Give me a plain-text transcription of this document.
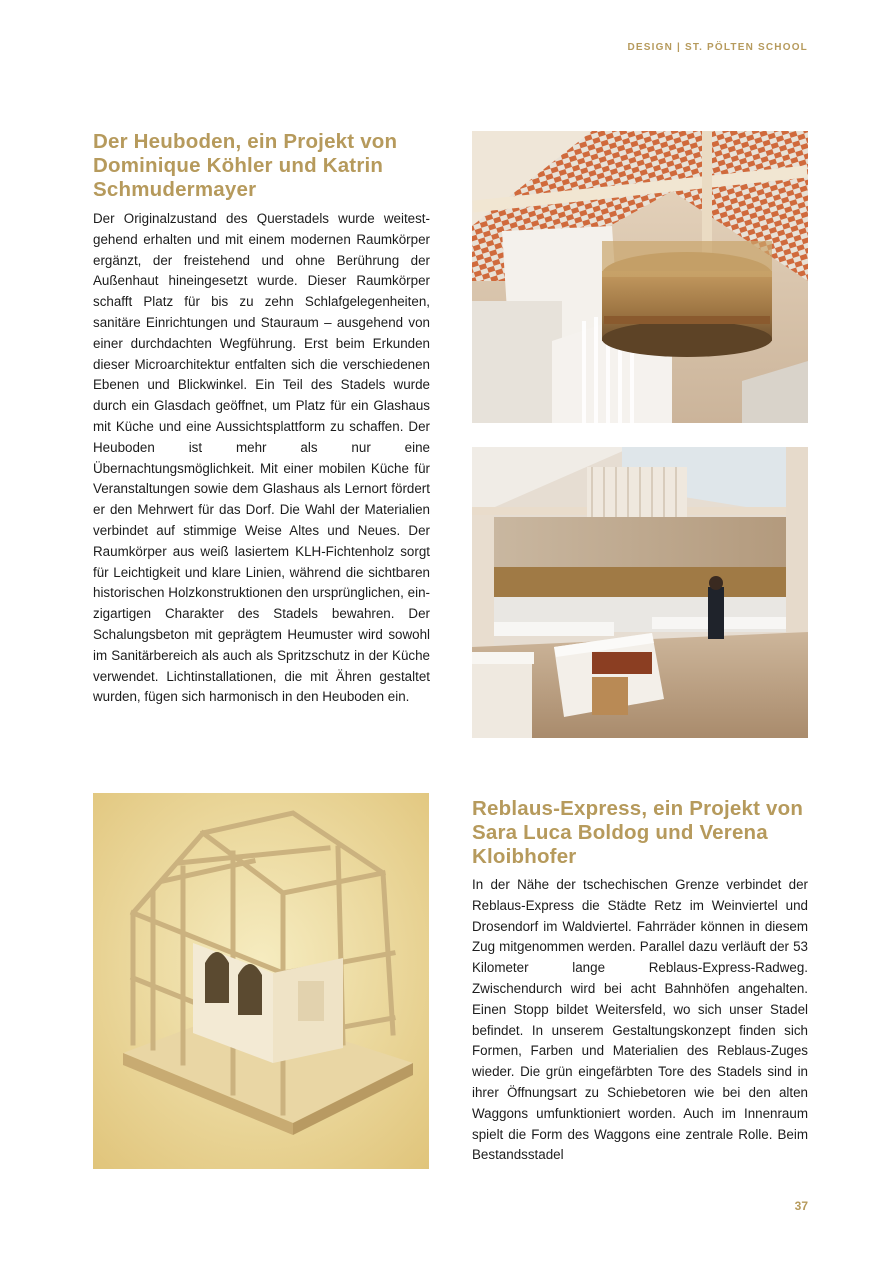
DESIGN | ST. PÖLTEN SCHOOL
Der Heuboden, ein Projekt von Dominique Köhler und Katrin Schmudermayer

Der Originalzustand des Querstadels wurde weitestgehend erhalten und mit einem modernen Raumkörper ergänzt, der freistehend und ohne Berührung der Außenhaut hineingesetzt wurde. Dieser Raumkörper schafft Platz für bis zu zehn Schlafgelegenheiten, sanitäre Einrichtungen und Stauraum – ausgehend von einer durchdachten Wegführung. Erst beim Erkunden dieser Microarchitektur entfalten sich die verschiedenen Ebenen und Blickwinkel. Ein Teil des Stadels wurde durch ein Glasdach geöffnet, um Platz für ein Glashaus mit Küche und eine Aussichtsplattform zu schaffen. Der Heuboden ist mehr als nur eine Übernachtungsmöglichkeit. Mit einer mobilen Küche für Veranstaltungen sowie dem Glashaus als Lernort fördert er den Mehrwert für das Dorf. Die Wahl der Materialien verbindet auf stimmige Weise Altes und Neues. Der Raumkörper aus weiß lasiertem KLH-Fichtenholz sorgt für Leichtigkeit und klare Linien, während die sichtbaren historischen Holzkonstruktionen den ursprünglichen, einzigartigen Charakter des Stadels bewahren. Der Schalungsbeton mit geprägtem Heumuster wird sowohl im Sanitärbereich als auch als Spritzschutz in der Küche verwendet. Lichtinstallationen, die mit Ähren gestaltet wurden, fügen sich harmonisch in den Heuboden ein.

Reblaus-Express, ein Projekt von Sara Luca Boldog und Verena Kloibhofer

In der Nähe der tschechischen Grenze verbindet der Reblaus-Express die Städte Retz im Weinviertel und Drosendorf im Waldviertel. Fahrräder können in diesem Zug mitgenommen werden. Parallel dazu verläuft der 53 Kilometer lange Reblaus-Express-Radweg. Zwischendurch wird bei acht Bahnhöfen angehalten. Einen Stopp bildet Weitersfeld, wo sich unser Stadel befindet. In unserem Gestaltungskonzept finden sich Formen, Farben und Materialien des Reblaus-Zuges wieder. Die grün eingefärbten Tore des Stadels sind in ihrer Öffnungsart zu Schiebetoren wie bei den alten Waggons umfunktioniert worden. Auch im Innenraum spielt die Form des Waggons eine zentrale Rolle. Beim Bestandsstadel

37
